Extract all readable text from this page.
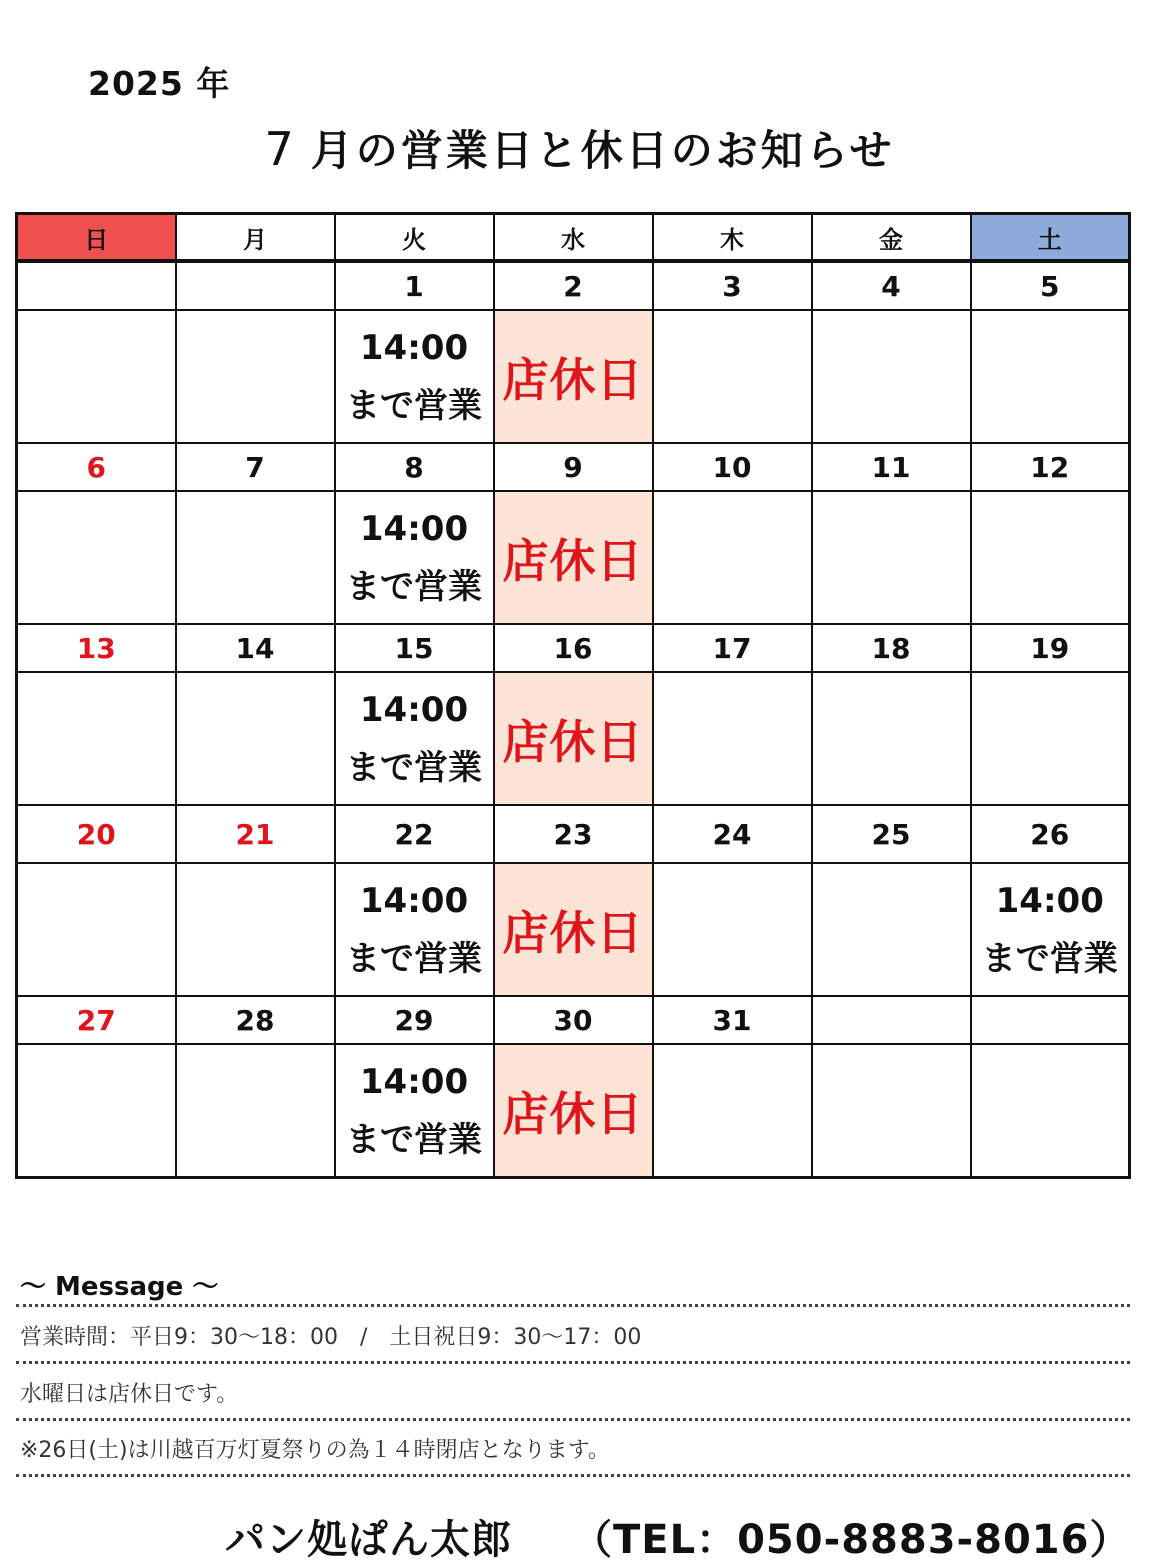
2025 年
7 月の営業日と休日のお知らせ
日	月	火	水	木	金	土
		1	2	3	4	5

		14:00
まで営業	店休日			
6	7	8	9	10	11	12

		14:00
まで営業	店休日			
13	14	15	16	17	18	19

		14:00
まで営業	店休日			
20	21	22	23	24	25	26

		14:00
まで営業	店休日			14:00
まで営業

27	28	29	30	31		

		14:00
まで営業	店休日			
～ Message ～
営業時間：平日9：30〜18：00　/　土日祝日9：30〜17：00
水曜日は店休日です。
※26日(土)は川越百万灯夏祭りの為１４時閉店となります。
パン処ぱん太郎 （TEL：050-8883-8016）
